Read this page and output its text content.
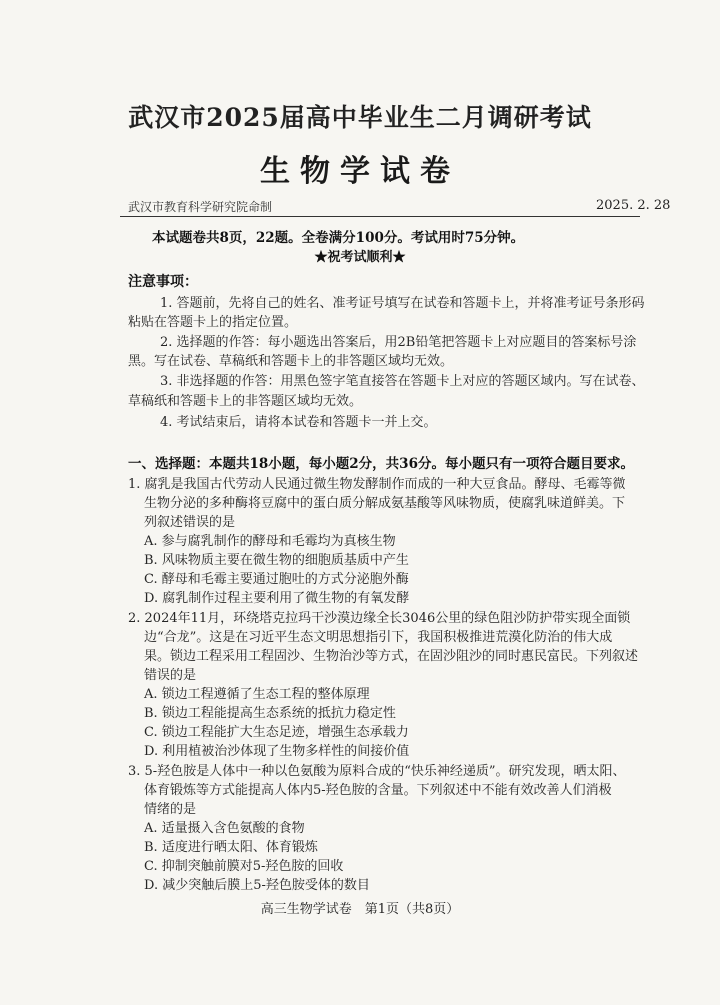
武汉市2025届高中毕业生二月调研考试
生物学试卷
武汉市教育科学研究院命制	2025. 2. 28
本试题卷共8页，22题。全卷满分100分。考试用时75分钟。
★祝考试顺利★
注意事项：
1. 答题前，先将自己的姓名、准考证号填写在试卷和答题卡上，并将准考证号条形码
粘贴在答题卡上的指定位置。
2. 选择题的作答：每小题选出答案后，用2B铅笔把答题卡上对应题目的答案标号涂
黑。写在试卷、草稿纸和答题卡上的非答题区域均无效。
3. 非选择题的作答：用黑色签字笔直接答在答题卡上对应的答题区域内。写在试卷、
草稿纸和答题卡上的非答题区域均无效。
4. 考试结束后，请将本试卷和答题卡一并上交。
一、选择题：本题共18小题，每小题2分，共36分。每小题只有一项符合题目要求。
1. 腐乳是我国古代劳动人民通过微生物发酵制作而成的一种大豆食品。酵母、毛霉等微
生物分泌的多种酶将豆腐中的蛋白质分解成氨基酸等风味物质，使腐乳味道鲜美。下
列叙述错误的是
A. 参与腐乳制作的酵母和毛霉均为真核生物
B. 风味物质主要在微生物的细胞质基质中产生
C. 酵母和毛霉主要通过胞吐的方式分泌胞外酶
D. 腐乳制作过程主要利用了微生物的有氧发酵
2. 2024年11月，环绕塔克拉玛干沙漠边缘全长3046公里的绿色阻沙防护带实现全面锁
边“合龙”。这是在习近平生态文明思想指引下，我国积极推进荒漠化防治的伟大成
果。锁边工程采用工程固沙、生物治沙等方式，在固沙阻沙的同时惠民富民。下列叙述
错误的是
A. 锁边工程遵循了生态工程的整体原理
B. 锁边工程能提高生态系统的抵抗力稳定性
C. 锁边工程能扩大生态足迹，增强生态承载力
D. 利用植被治沙体现了生物多样性的间接价值
3. 5-羟色胺是人体中一种以色氨酸为原料合成的“快乐神经递质”。研究发现，晒太阳、
体育锻炼等方式能提高人体内5-羟色胺的含量。下列叙述中不能有效改善人们消极
情绪的是
A. 适量摄入含色氨酸的食物
B. 适度进行晒太阳、体育锻炼
C. 抑制突触前膜对5-羟色胺的回收
D. 减少突触后膜上5-羟色胺受体的数目
高三生物学试卷　第1页（共8页）
